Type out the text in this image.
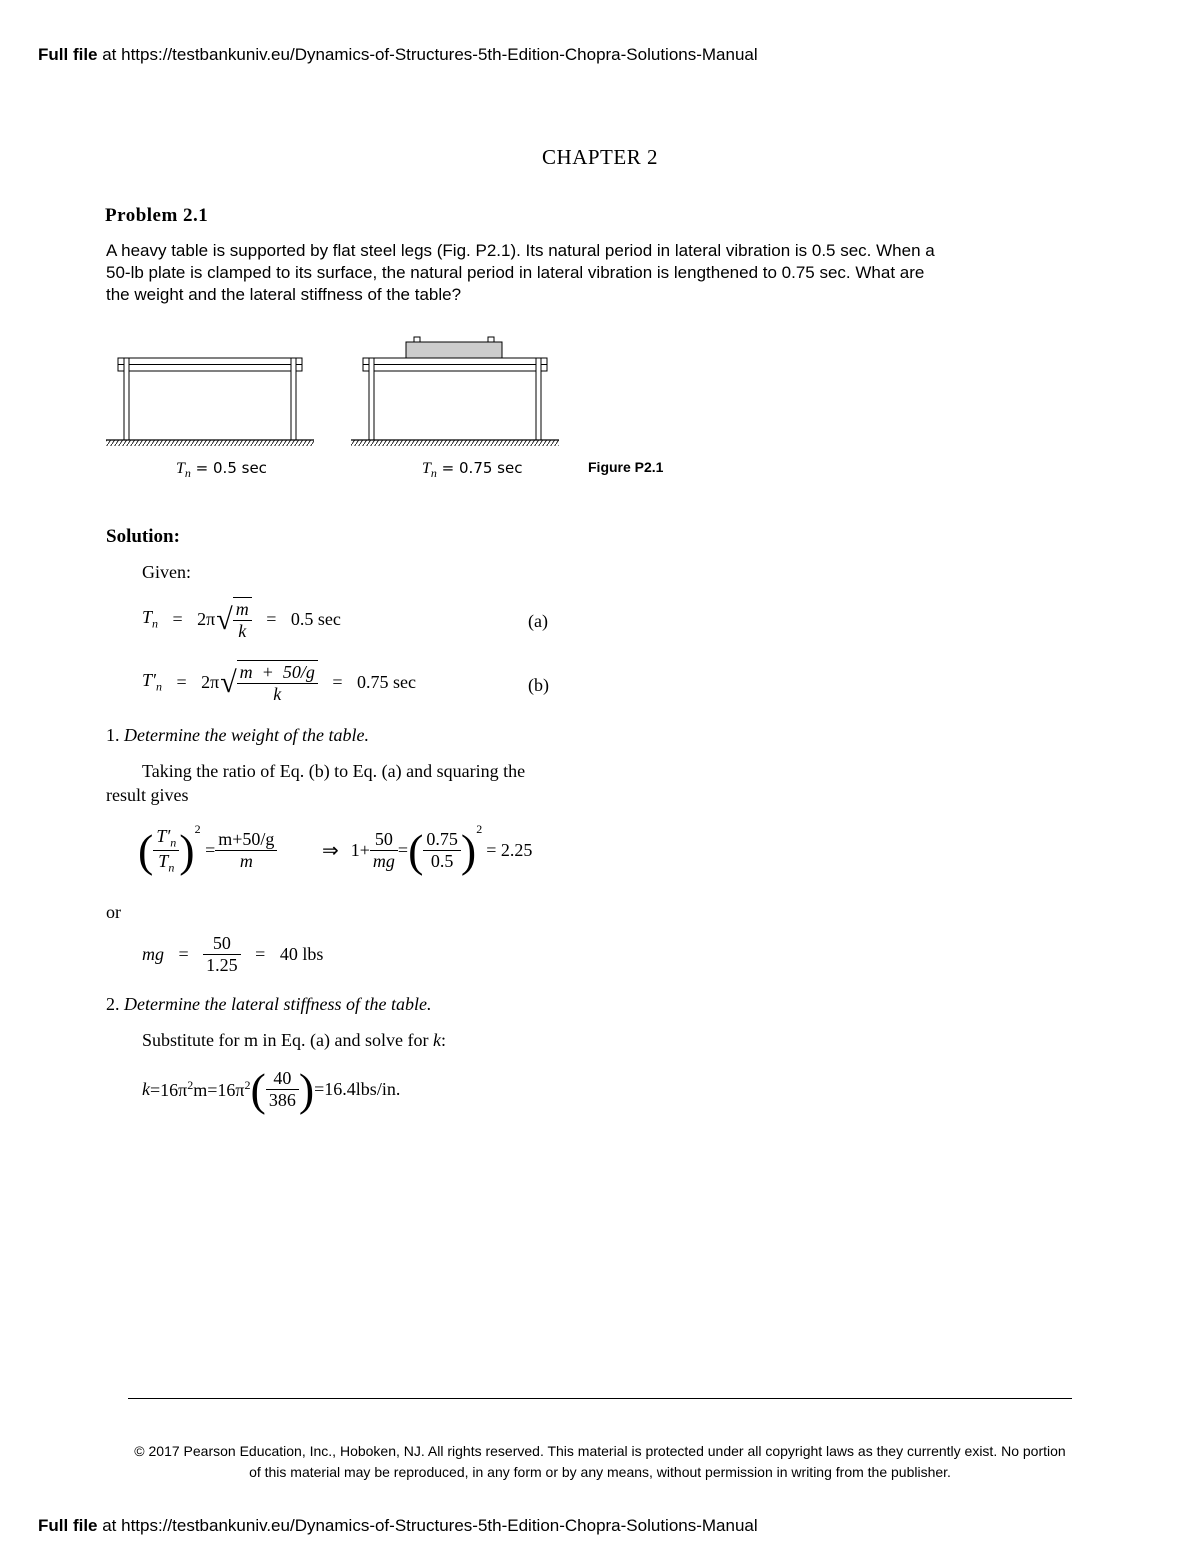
Full file at https://testbankuniv.eu/Dynamics-of-Structures-5th-Edition-Chopra-Solutions-Manual
CHAPTER 2
Problem 2.1
A heavy table is supported by flat steel legs (Fig. P2.1). Its natural period in lateral vibration is 0.5 sec. When a 50-lb plate is clamped to its surface, the natural period in lateral vibration is lengthened to 0.75 sec. What are the weight and the lateral stiffness of the table?
$T_n = 0.5$ sec	$T_n = 0.75$ sec	Figure P2.1
Solution:
Given:
$T_n = 2\pi√ \frac{m}{k} = 0.5$ sec	(a)
$T'_n = 2\pi√ \frac{m + 50/g}{k} = 0.75$ sec	(b)
1. Determine the weight of the table.
Taking the ratio of Eq. (b) to Eq. (a) and squaring the
result gives
( $\frac{T'_n}{T_n} )^2 = \frac{m+50/g}{m}$ ⇒ $1+ \frac{50}{mg}$ =( $\frac{0.75}{0.5} )^2= 2.25$
or
mg = $\frac{50}{1.25} = 40$ lbs
2. Determine the lateral stiffness of the table.
Substitute for m in Eq. (a) and solve for k:
$k=16\pi^2m=16\pi^2( \frac{40}{386} )=16.4lbs/in$.
© 2017 Pearson Education, Inc., Hoboken, NJ. All rights reserved. This material is protected under all copyright laws as they currently exist. No portion of this material may be reproduced, in any form or by any means, without permission in writing from the publisher.
Full file at https://testbankuniv.eu/Dynamics-of-Structures-5th-Edition-Chopra-Solutions-Manual
